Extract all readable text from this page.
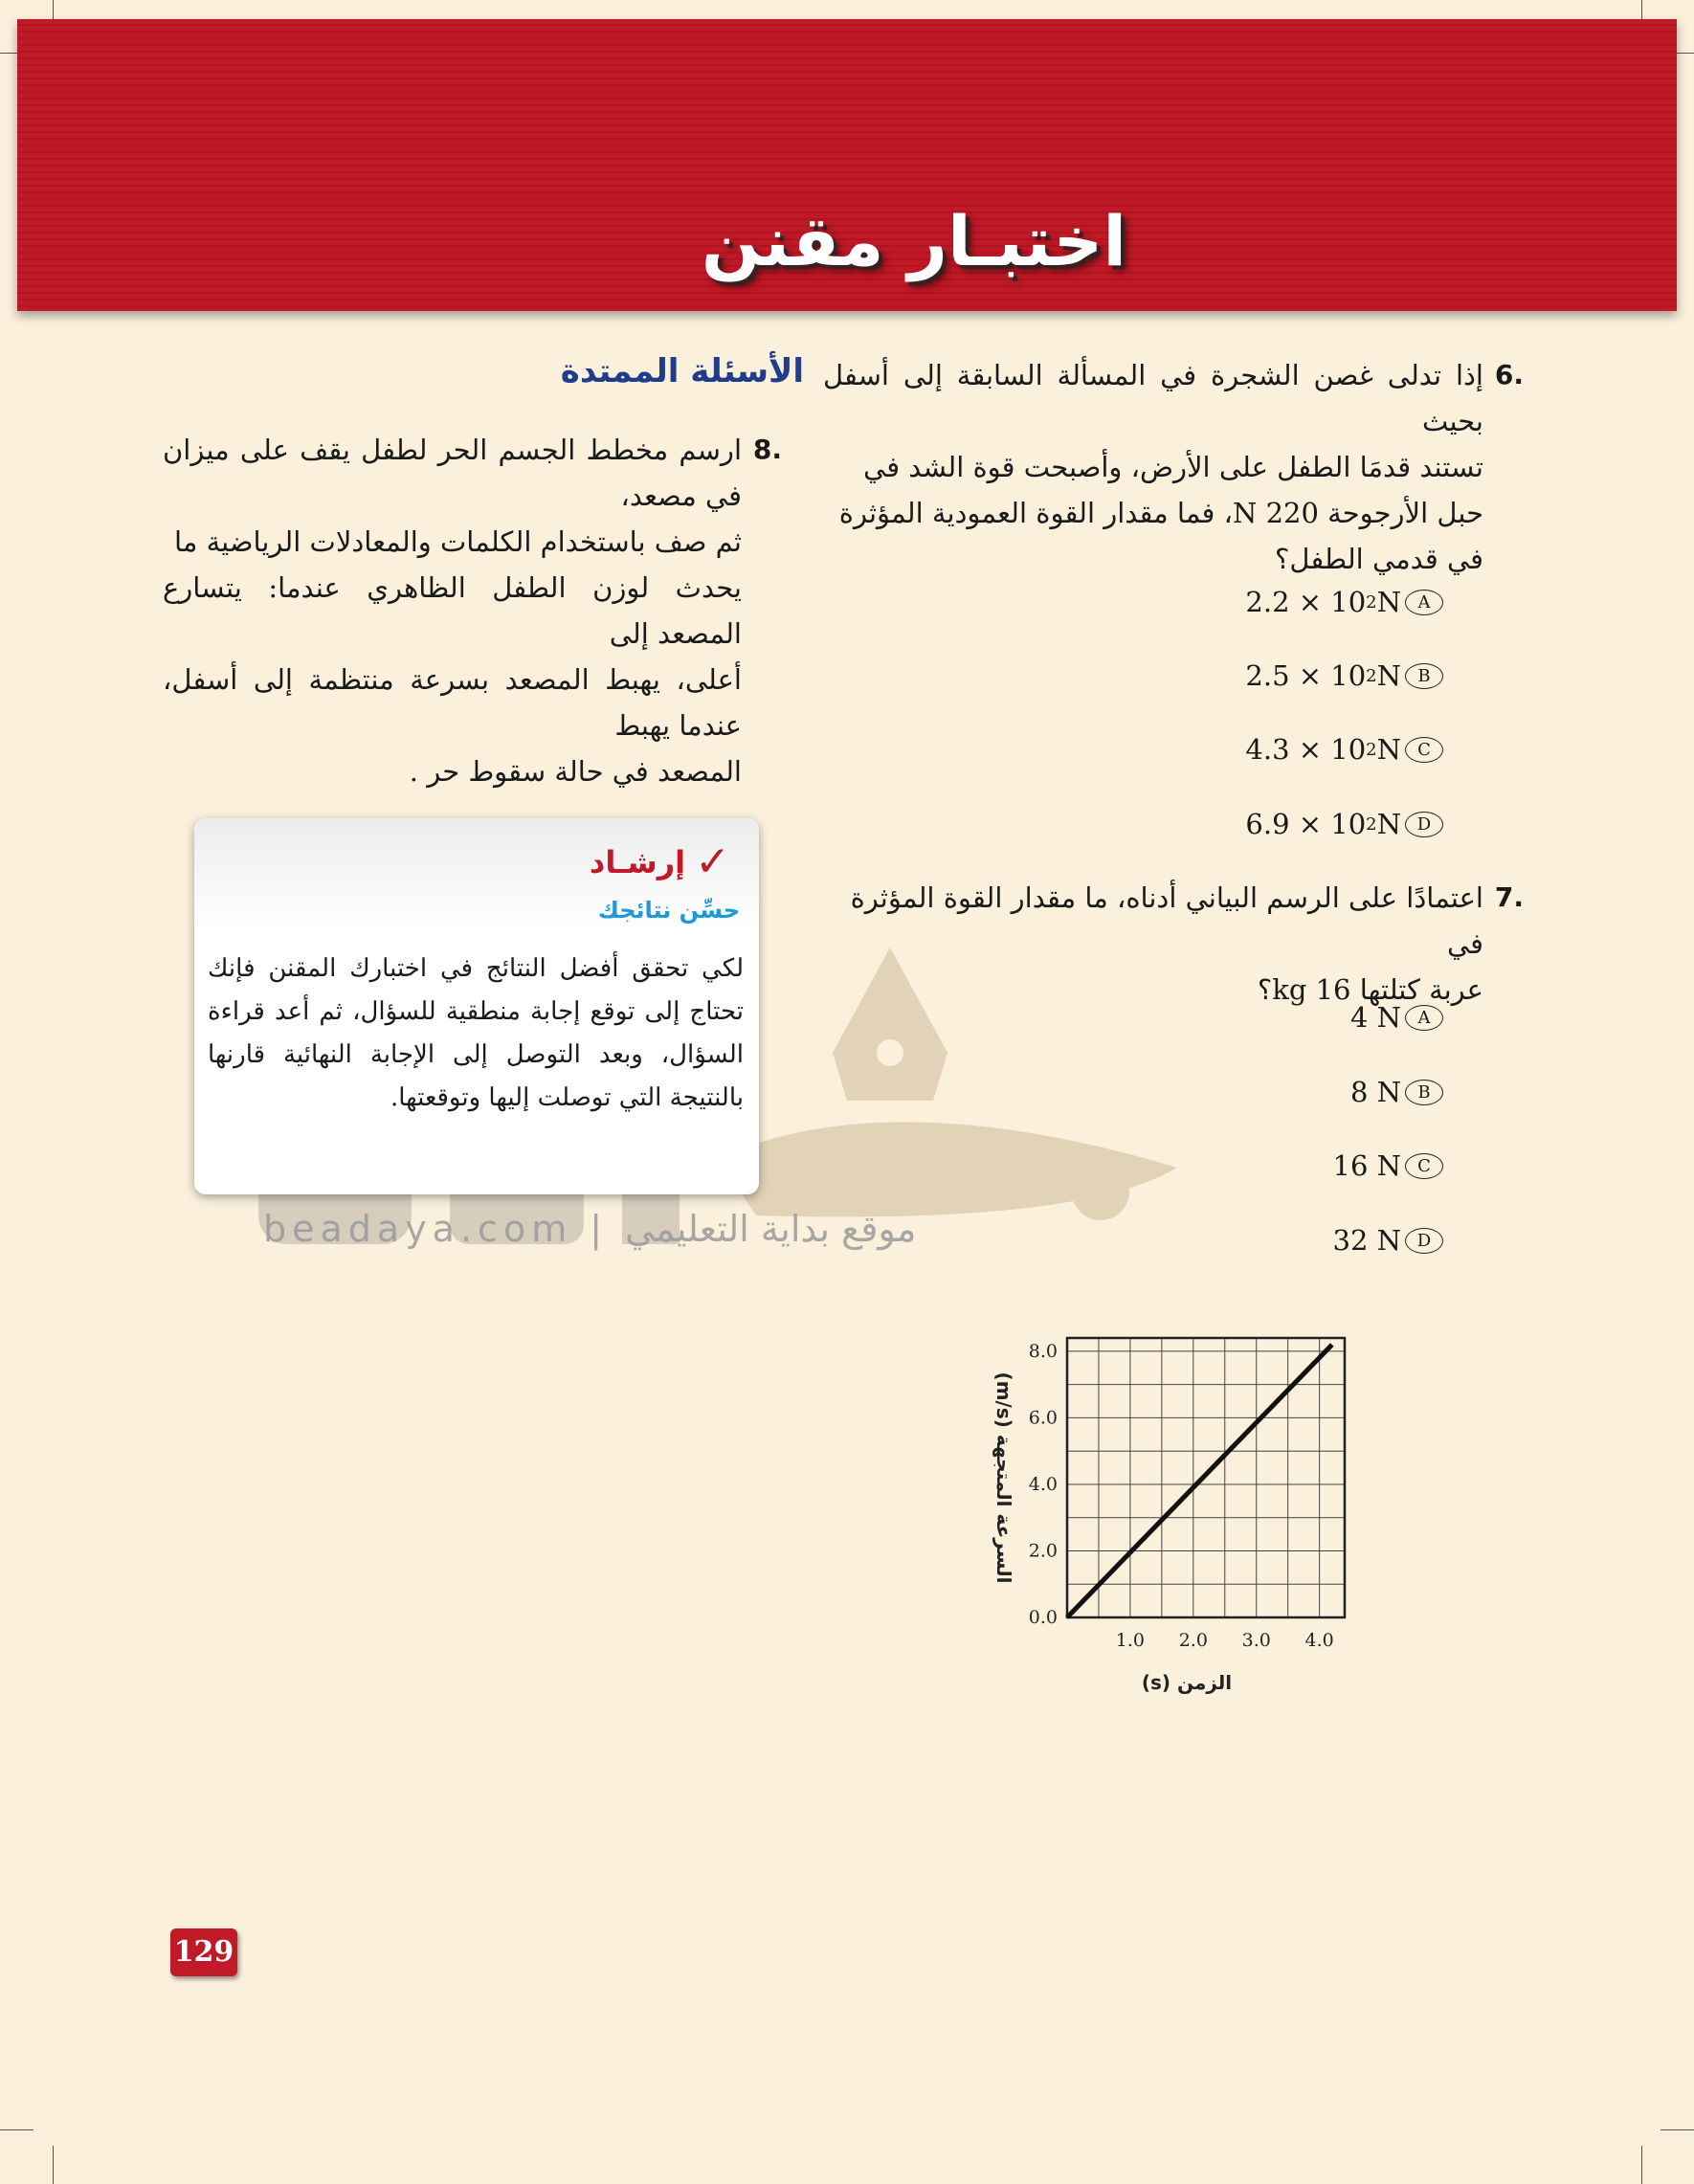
اختبـار مقنن
beadaya.com | موقع بداية التعليمي
.6
إذا تدلى غصن الشجرة في المسألة السابقة إلى أسفل بحيث
تستند قدمَا الطفل على الأرض، وأصبحت قوة الشد في
حبل الأرجوحة 220 N، فما مقدار القوة العمودية المؤثرة
في قدمي الطفل؟
2.2 × 10 2 N A
2.5 × 10 2 N B
4.3 × 10 2 N C
6.9 × 10 2 N D
.7
اعتمادًا على الرسم البياني أدناه، ما مقدار القوة المؤثرة في
عربة كتلتها 16 kg؟
4 N A
8 N B
16 N C
32 N D
1.0 2.0 3.0 4.0
0.0
2.0
4.0
6.0
8.0
الزمن (s)
السرعة المتجهة (m/s)
الأسئلة الممتدة
.8
ارسم مخطط الجسم الحر لطفل يقف على ميزان في مصعد،
ثم صف باستخدام الكلمات والمعادلات الرياضية ما
يحدث لوزن الطفل الظاهري عندما: يتسارع المصعد إلى
أعلى، يهبط المصعد بسرعة منتظمة إلى أسفل، عندما يهبط
المصعد في حالة سقوط حر .
✓
إرشـاد
حسِّن نتائجك
لكي تحقق أفضل النتائج في اختبارك المقنن فإنك تحتاج إلى توقع إجابة منطقية للسؤال، ثم أعد قراءة السؤال، وبعد التوصل إلى الإجابة النهائية قارنها بالنتيجة التي توصلت إليها وتوقعتها.
129
